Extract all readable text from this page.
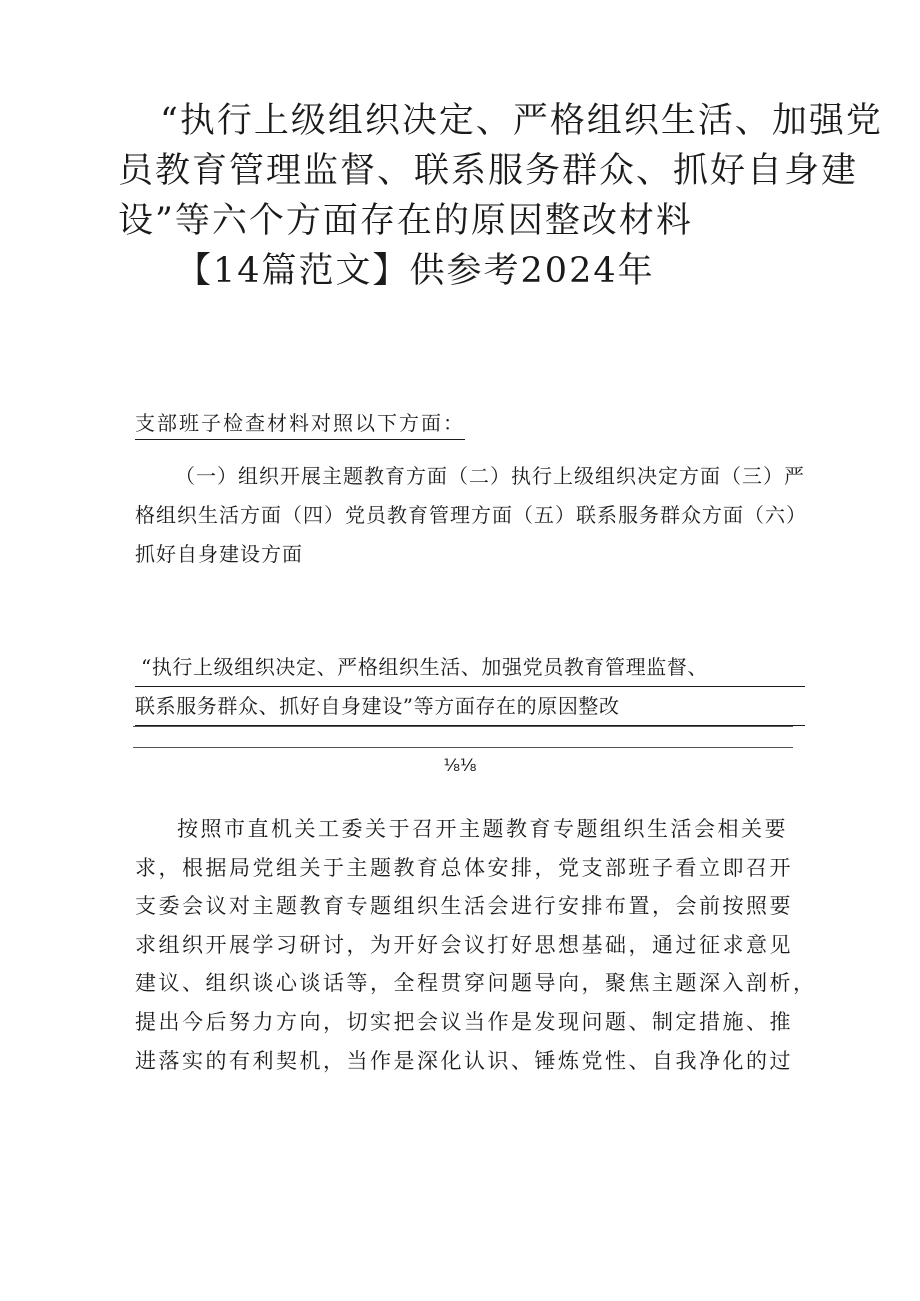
“执行上级组织决定、严格组织生活、加强党
员教育管理监督、联系服务群众、抓好自身建
设”等六个方面存在的原因整改材料
【14篇范文】供参考2024年
支部班子检查材料对照以下方面：

（一）组织开展主题教育方面（二）执行上级组织决定方面（三）严格组织生活方面（四）党员教育管理方面（五）联系服务群众方面（六）抓好自身建设方面

“执行上级组织决定、严格组织生活、加强党员教育管理监督、
联系服务群众、抓好自身建设”等方面存在的原因整改
⅛⅛
按照市直机关工委关于召开主题教育专题组织生活会相关要
求，根据局党组关于主题教育总体安排，党支部班子看立即召开
支委会议对主题教育专题组织生活会进行安排布置，会前按照要
求组织开展学习研讨，为开好会议打好思想基础，通过征求意见
建议、组织谈心谈话等，全程贯穿问题导向，聚焦主题深入剖析，
提出今后努力方向，切实把会议当作是发现问题、制定措施、推
进落实的有利契机，当作是深化认识、锤炼党性、自我净化的过
